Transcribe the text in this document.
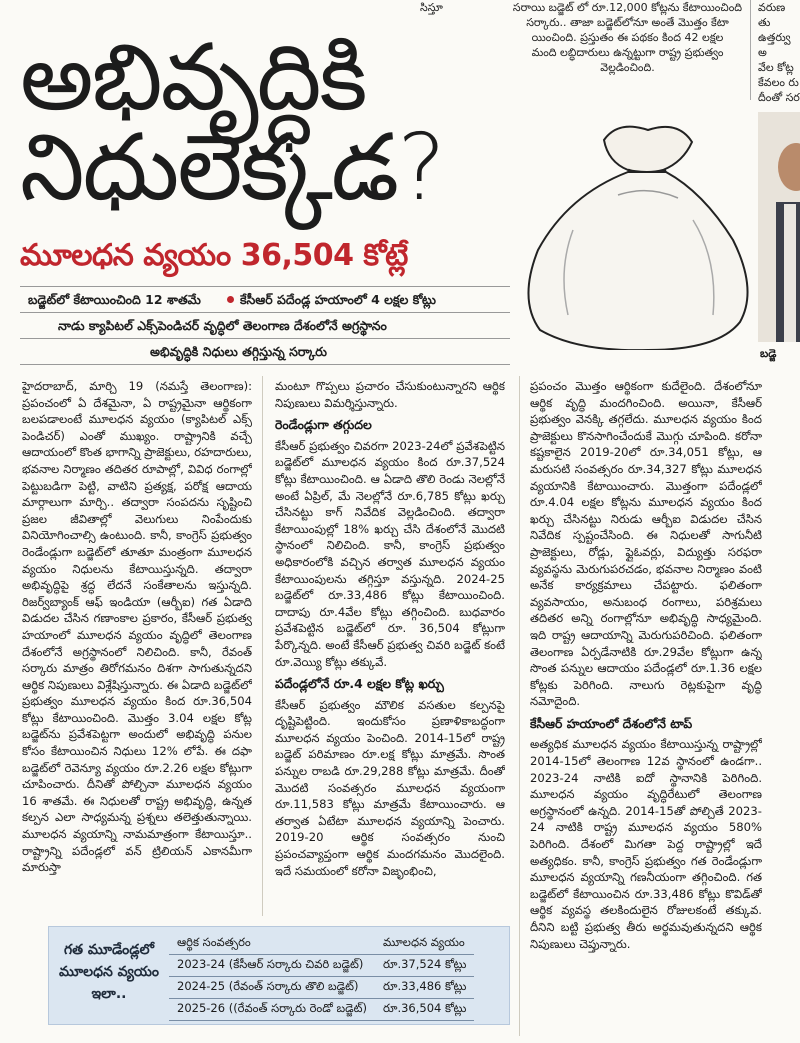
సిస్తూ	సరాయి బడ్జెట్ లో రూ.12,000 కోట్లను కేటాయించింది
సర్కారు.. తాజా బడ్జెట్‌లోనూ అంతే మొత్తం కేటా
యించింది. ప్రస్తుతం ఈ పథకం కింద 42 లక్షల
మంది లబ్ధిదారులు ఉన్నట్టుగా రాష్ట్ర ప్రభుత్వం
వెల్లడించింది.
వరుణ తు
ఉత్తర్వు అ
వేల కోట్ల
కేవలం రు
దీంతో సర
అభివృద్ధికి
నిధులెక్కడ?
బడ్జె
మూలధన వ్యయం 36,504 కోట్లే
బడ్జెట్‌లో కేటాయించింది 12 శాతమే	కేసీఆర్ పదేండ్ల హయాంలో 4 లక్షల కోట్లు
నాడు క్యాపిటల్ ఎక్స్‌పెండిచర్ వృద్ధిలో తెలంగాణ దేశంలోనే అగ్రస్థానం
అభివృద్ధికి నిధులు తగ్గిస్తున్న సర్కారు
హైదరాబాద్, మార్చి 19 (నమస్తే తెలంగాణ): ప్రపంచంలో ఏ దేశమైనా, ఏ రాష్ట్రమైనా ఆర్థికంగా బలపడాలంటే మూలధన వ్యయం (క్యాపిటల్ ఎక్స్ పెండిచర్) ఎంతో ముఖ్యం. రాష్ట్రానికి వచ్చే ఆదాయంలో కొంత భాగాన్ని ప్రాజెక్టులు, రహదారులు, భవనాల నిర్మాణం తదితర రూపాల్లో, వివిధ రంగాల్లో పెట్టుబడిగా పెట్టి, వాటిని ప్రత్యక్ష, పరోక్ష ఆదాయ మార్గాలుగా మార్చి.. తద్వారా సంపదను సృష్టించి ప్రజల జీవితాల్లో వెలుగులు నింపేందుకు వినియోగించాల్సి ఉంటుంది. కానీ, కాంగ్రెస్ ప్రభుత్వం రెండేండ్లుగా బడ్జెట్‌లో తూతూ మంత్రంగా మూలధన వ్యయం నిధులను కేటాయిస్తున్నది. తద్వారా అభివృద్ధిపై శ్రద్ధ లేదనే సంకేతాలను ఇస్తున్నది. రిజర్వ్‌బ్యాంక్ ఆఫ్ ఇండియా (ఆర్బీఐ) గత ఏడాది విడుదల చేసిన గణాంకాల ప్రకారం, కేసీఆర్ ప్రభుత్వ హయాంలో మూలధన వ్యయం వృద్ధిలో తెలంగాణ దేశంలోనే అగ్రస్థానంలో నిలిచింది. కానీ, రేవంత్ సర్కారు మాత్రం తిరోగమనం దిశగా సాగుతున్నదని ఆర్థిక నిపుణులు విశ్లేషిస్తున్నారు. ఈ ఏడాది బడ్జెట్‌లో ప్రభుత్వం మూలధన వ్యయం కింద రూ.36,504 కోట్లు కేటాయించింది. మొత్తం 3.04 లక్షల కోట్ల బడ్జెట్‌ను ప్రవేశపెట్టగా అందులో అభివృద్ధి పనుల కోసం కేటాయించిన నిధులు 12% లోపే. ఈ దఫా బడ్జెట్‌లో రెవెన్యూ వ్యయం రూ.2.26 లక్షల కోట్లుగా చూపించారు. దీనితో పోల్చినా మూలధన వ్యయం 16 శాతమే. ఈ నిధులతో రాష్ట్ర అభివృద్ధి, ఉన్నత కల్పన ఎలా సాధ్యమన్న ప్రశ్నలు తలెత్తుతున్నాయి. మూలధన వ్యయాన్ని నామమాత్రంగా కేటాయిస్తూ.. రాష్ట్రాన్ని పదేండ్లలో వన్ ట్రిలియన్ ఎకానమీగా మారుస్తా
మంటూ గొప్పలు ప్రచారం చేసుకుంటున్నారని ఆర్థిక నిపుణులు విమర్శిస్తున్నారు.
రెండేండ్లుగా తగ్గుదల
కేసీఆర్ ప్రభుత్వం చివరగా 2023-24లో ప్రవేశపెట్టిన బడ్జెట్‌లో మూలధన వ్యయం కింద రూ.37,524 కోట్లు కేటాయించింది. ఆ ఏడాది తొలి రెండు నెలల్లోనే అంటే ఏప్రిల్, మే నెలల్లోనే రూ.6,785 కోట్లు ఖర్చు చేసినట్టు కాగ్ నివేదిక వెల్లడించింది. తద్వారా కేటాయింపుల్లో 18% ఖర్చు చేసి దేశంలోనే మొదటి స్థానంలో నిలిచింది. కానీ, కాంగ్రెస్ ప్రభుత్వం అధికారంలోకి వచ్చిన తర్వాత మూలధన వ్యయం కేటాయింపులను తగ్గిస్తూ వస్తున్నది. 2024-25 బడ్జెట్‌లో రూ.33,486 కోట్లు కేటాయించింది. దాదాపు రూ.4వేల కోట్లు తగ్గించింది. బుధవారం ప్రవేశపెట్టిన బడ్జెట్‌లో రూ. 36,504 కోట్లుగా పేర్కొన్నది. అంటే కేసీఆర్ ప్రభుత్వ చివరి బడ్జెట్ కంటే రూ.వెయ్యి కోట్లు తక్కువే.
పదేండ్లలోనే రూ.4 లక్షల కోట్ల ఖర్చు
కేసీఆర్ ప్రభుత్వం మౌలిక వసతుల కల్పనపై దృష్టిపెట్టింది. ఇందుకోసం ప్రణాళికాబద్ధంగా మూలధన వ్యయం పెంచింది. 2014-15లో రాష్ట్ర బడ్జెట్ పరిమాణం రూ.లక్ష కోట్లు మాత్రమే. సొంత పన్నుల రాబడి రూ.29,288 కోట్లు మాత్రమే. దీంతో మొదటి సంవత్సరం మూలధన వ్యయంగా రూ.11,583 కోట్లు మాత్రమే కేటాయించారు. ఆ తర్వాత ఏటేటా మూలధన వ్యయాన్ని పెంచారు. 2019-20 ఆర్థిక సంవత్సరం నుంచి ప్రపంచవ్యాప్తంగా ఆర్థిక మందగమనం మొదలైంది. ఇదే సమయంలో కరోనా విజృంభించి,
ప్రపంచం మొత్తం ఆర్థికంగా కుదేలైంది. దేశంలోనూ ఆర్థిక వృద్ధి మందగించింది. అయినా, కేసీఆర్ ప్రభుత్వం వెనక్కి తగ్గలేదు. మూలధన వ్యయం కింద ప్రాజెక్టులు కొనసాగించేందుకే మొగ్గు చూపింది. కరోనా కష్టకాలైన 2019-20లో రూ.34,051 కోట్లు, ఆ మరుసటి సంవత్సరం రూ.34,327 కోట్లు మూలధన వ్యయానికి కేటాయించారు. మొత్తంగా పదేండ్లలో రూ.4.04 లక్షల కోట్లను మూలధన వ్యయం కింద ఖర్చు చేసినట్టు నిరుడు ఆర్బీఐ విడుదల చేసిన నివేదిక స్పష్టంచేసింది. ఈ నిధులతో సాగునీటి ప్రాజెక్టులు, రోడ్లు, ఫ్లైఓవర్లు, విద్యుత్తు సరఫరా వ్యవస్థను మెరుగుపరచడం, భవనాల నిర్మాణం వంటి అనేక కార్యక్రమాలు చేపట్టారు. ఫలితంగా వ్యవసాయం, అనుబంధ రంగాలు, పరిశ్రమలు తదితర అన్ని రంగాల్లోనూ అభివృద్ధి సాధ్యమైంది. ఇది రాష్ట్ర ఆదాయాన్ని మెరుగుపరిచింది. ఫలితంగా తెలంగాణ ఏర్పడేనాటికి రూ.29వేల కోట్లుగా ఉన్న సొంత పన్నుల ఆదాయం పదేండ్లలో రూ.1.36 లక్షల కోట్లకు పెరిగింది. నాలుగు రెట్లకుపైగా వృద్ధి నమోదైంది.
కేసీఆర్ హయాంలో దేశంలోనే టాప్
అత్యధిక మూలధన వ్యయం కేటాయిస్తున్న రాష్ట్రాల్లో 2014-15లో తెలంగాణ 12వ స్థానంలో ఉండగా.. 2023-24 నాటికి ఐదో స్థానానికి పెరిగింది. మూలధన వ్యయం వృద్ధిరేటులో తెలంగాణ అగ్రస్థానంలో ఉన్నది. 2014-15తో పోల్చితే 2023-24 నాటికి రాష్ట్ర మూలధన వ్యయం 580% పెరిగింది. దేశంలో మిగతా పెద్ద రాష్ట్రాల్లో ఇదే అత్యధికం. కానీ, కాంగ్రెస్ ప్రభుత్వం గత రెండేండ్లుగా మూలధన వ్యయాన్ని గణనీయంగా తగ్గించింది. గత బడ్జెట్‌లో కేటాయించిన రూ.33,486 కోట్లు కొవిడ్‌తో ఆర్థిక వ్యవస్థ తలకిందులైన రోజులకంటే తక్కువ. దీనిని బట్టి ప్రభుత్వ తీరు అర్థమవుతున్నదని ఆర్థిక నిపుణులు చెప్తున్నారు.
గత మూడేండ్లలో మూలధన వ్యయం ఇలా..
ఆర్థిక సంవత్సరం	మూలధన వ్యయం
2023-24 (కేసీఆర్ సర్కారు చివరి బడ్జెట్)	రూ.37,524 కోట్లు
2024-25 (రేవంత్ సర్కారు తొలి బడ్జెట్)	రూ.33,486 కోట్లు
2025-26 ((రేవంత్ సర్కారు రెండో బడ్జెట్)	రూ.36,504 కోట్లు
